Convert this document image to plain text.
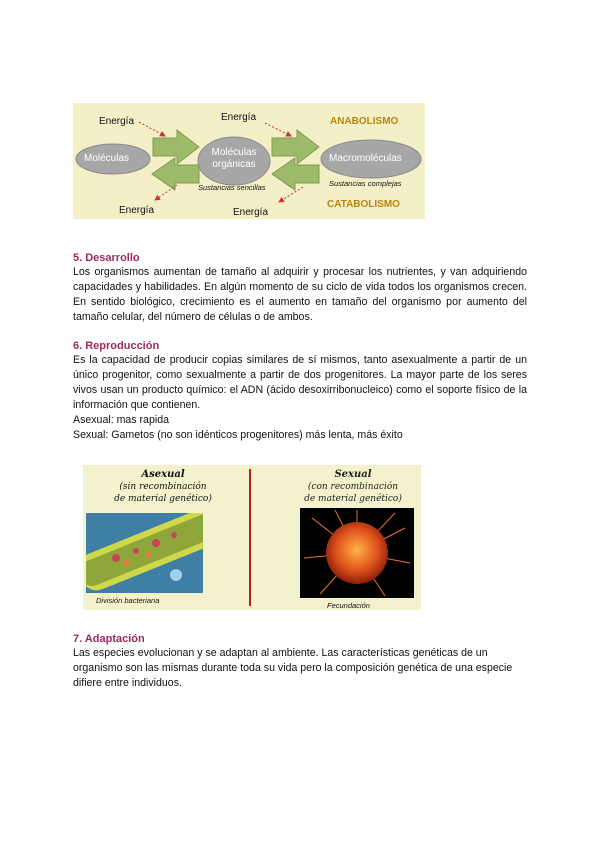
Energía	Energía
Energía	Energía
Moléculas
Moléculas
orgánicas
Macromoléculas
Sustancias sencillas	Sustancias complejas
ANABOLISMO
CATABOLISMO
5. Desarrollo

Los organismos aumentan de tamaño al adquirir y procesar los nutrientes, y van adquiriendo capacidades y habilidades. En algún momento de su ciclo de vida todos los organismos crecen. En sentido biológico, crecimiento es el aumento en tamaño del organismo por aumento del tamaño celular, del número de células o de ambos.

6. Reproducción

Es la capacidad de producir copias similares de sí mismos, tanto asexualmente a partir de un único progenitor, como sexualmente a partir de dos progenitores. La mayor parte de los seres vivos usan un producto químico: el ADN (ácido desoxirribonucleico) como el soporte físico de la información que contienen.

Asexual: mas rapida

Sexual: Gametos (no son idénticos progenitores) más lenta, más éxito

Asexual
(sin recombinación
de material genético)
División bacteriana
Sexual
(con recombinación
de material genético)
Fecundación
7. Adaptación

Las especies evolucionan y se adaptan al ambiente. Las características genéticas de un organismo son las mismas durante toda su vida pero la composición genética de una especie difiere entre individuos.
